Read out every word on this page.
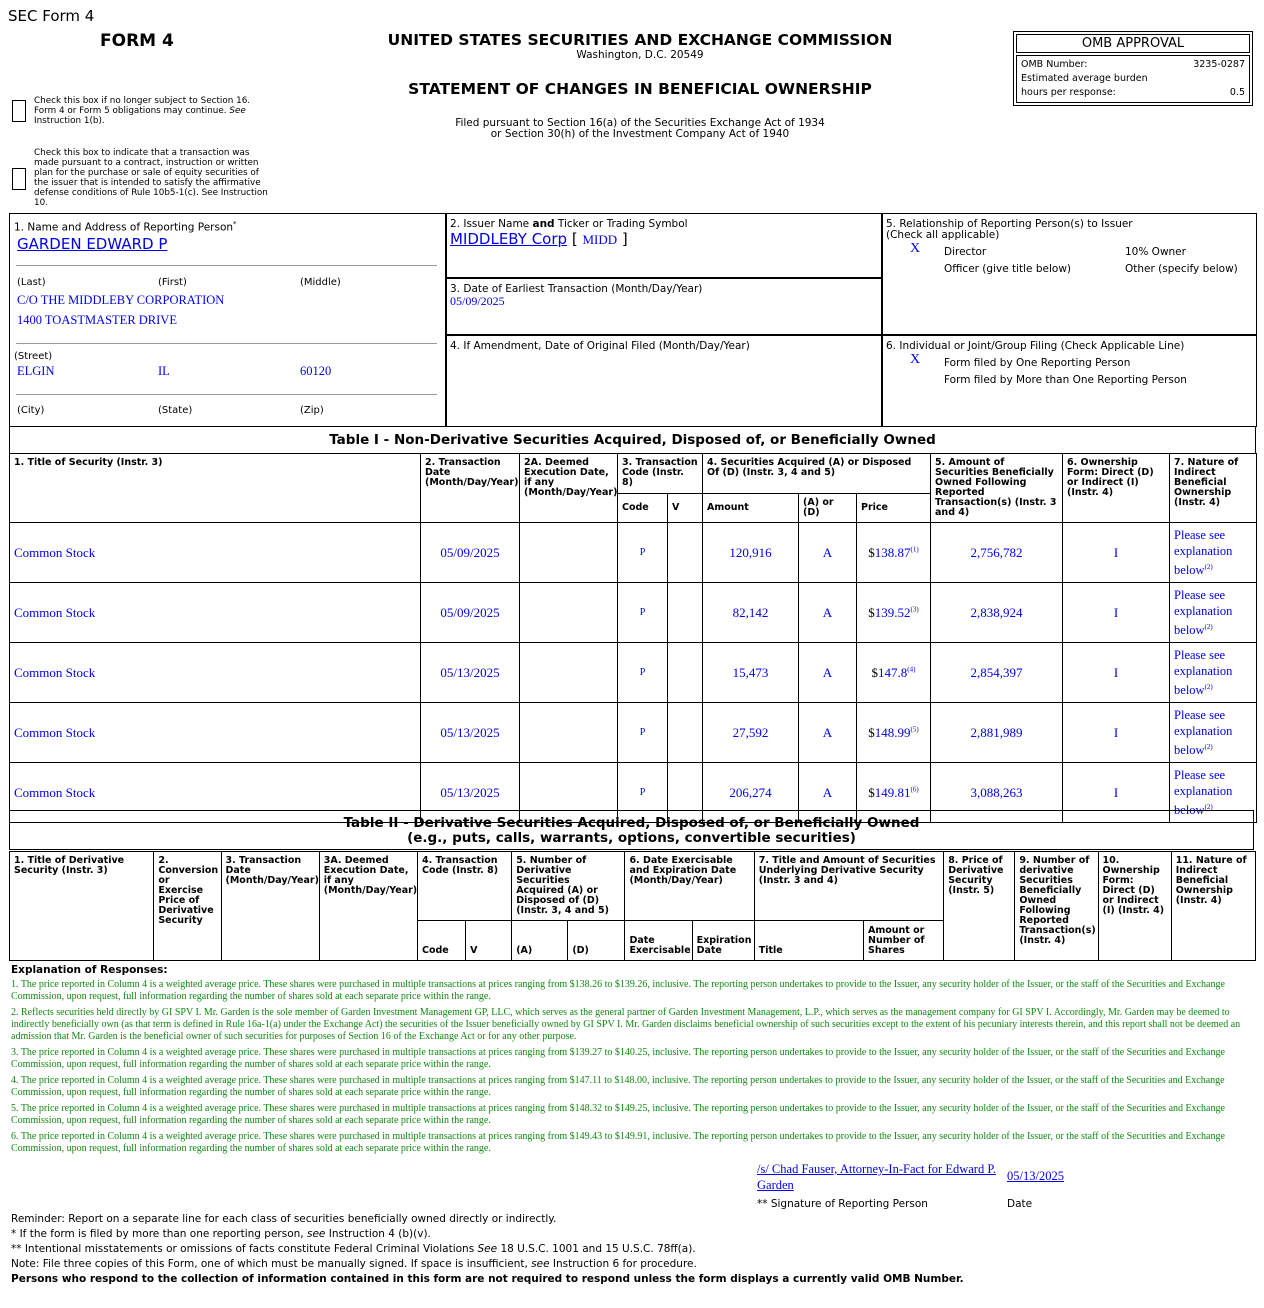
SEC Form 4
FORM 4	UNITED STATES SECURITIES AND EXCHANGE COMMISSION
Washington, D.C. 20549
STATEMENT OF CHANGES IN BENEFICIAL OWNERSHIP
Filed pursuant to Section 16(a) of the Securities Exchange Act of 1934
or Section 30(h) of the Investment Company Act of 1940
OMB APPROVAL
OMB Number:	3235-0287
Estimated average burden
hours per response:	0.5
Check this box if no longer subject to Section 16. Form 4 or Form 5 obligations may continue. See Instruction 1(b).
Check this box to indicate that a transaction was made pursuant to a contract, instruction or written plan for the purchase or sale of equity securities of the issuer that is intended to satisfy the affirmative defense conditions of Rule 10b5-1(c). See Instruction 10.
1. Name and Address of Reporting Person*
GARDEN EDWARD P
(Last)	(First)	(Middle)
C/O THE MIDDLEBY CORPORATION
1400 TOASTMASTER DRIVE
(Street)
ELGIN	IL	60120
(City)	(State)	(Zip)
2. Issuer Name and Ticker or Trading Symbol
MIDDLEBY Corp [ MIDD ]
3. Date of Earliest Transaction (Month/Day/Year)
05/09/2025
4. If Amendment, Date of Original Filed (Month/Day/Year)
5. Relationship of Reporting Person(s) to Issuer
(Check all applicable)
X Director	10% Owner
Officer (give title below)	Other (specify below)
6. Individual or Joint/Group Filing (Check Applicable Line)
X Form filed by One Reporting Person
Form filed by More than One Reporting Person
Table I - Non-Derivative Securities Acquired, Disposed of, or Beneficially Owned
1. Title of Security (Instr. 3)	2. Transaction Date (Month/Day/Year)	2A. Deemed Execution Date, if any (Month/Day/Year)	3. Transaction Code (Instr. 8)		4. Securities Acquired (A) or Disposed Of (D) (Instr. 3, 4 and 5)			5. Amount of Securities Beneficially Owned Following Reported Transaction(s) (Instr. 3 and 4)	6. Ownership Form: Direct (D) or Indirect (I) (Instr. 4)	7. Nature of Indirect Beneficial Ownership (Instr. 4)
			Code	V	Amount	(A) or (D)	Price			
Common Stock	05/09/2025		P		120,916	A	$138.87$^{(1)}$	2,756,782	I	Please see explanation below$^{(2)}$
Common Stock	05/09/2025		P		82,142	A	$139.52$^{(3)}$	2,838,924	I	Please see explanation below$^{(2)}$
Common Stock	05/13/2025		P		15,473	A	$147.8$^{(4)}$	2,854,397	I	Please see explanation below$^{(2)}$
Common Stock	05/13/2025		P		27,592	A	$148.99$^{(5)}$	2,881,989	I	Please see explanation below$^{(2)}$
Common Stock	05/13/2025		P		206,274	A	$149.81$^{(6)}$	3,088,263	I	Please see explanation below$^{(2)}$
Table II - Derivative Securities Acquired, Disposed of, or Beneficially Owned
(e.g., puts, calls, warrants, options, convertible securities)
1. Title of Derivative Security (Instr. 3)	2. Conversion or Exercise Price of Derivative Security	3. Transaction Date (Month/Day/Year)	3A. Deemed Execution Date, if any (Month/Day/Year)	4. Transaction Code (Instr. 8)		5. Number of Derivative Securities Acquired (A) or Disposed of (D) (Instr. 3, 4 and 5)		6. Date Exercisable and Expiration Date (Month/Day/Year)		7. Title and Amount of Securities Underlying Derivative Security (Instr. 3 and 4)		8. Price of Derivative Security (Instr. 5)	9. Number of derivative Securities Beneficially Owned Following Reported Transaction(s) (Instr. 4)	10. Ownership Form: Direct (D) or Indirect (I) (Instr. 4)	11. Nature of Indirect Beneficial Ownership (Instr. 4)
				Code	V	(A)	(D)	Date Exercisable	Expiration Date	Title	Amount or Number of Shares				
Explanation of Responses:
1. The price reported in Column 4 is a weighted average price. These shares were purchased in multiple transactions at prices ranging from $138.26 to $139.26, inclusive. The reporting person undertakes to provide to the Issuer, any security holder of the Issuer, or the staff of the Securities and Exchange Commission, upon request, full information regarding the number of shares sold at each separate price within the range.
2. Reflects securities held directly by GI SPV I. Mr. Garden is the sole member of Garden Investment Management GP, LLC, which serves as the general partner of Garden Investment Management, L.P., which serves as the management company for GI SPV I. Accordingly, Mr. Garden may be deemed to indirectly beneficially own (as that term is defined in Rule 16a-1(a) under the Exchange Act) the securities of the Issuer beneficially owned by GI SPV I. Mr. Garden disclaims beneficial ownership of such securities except to the extent of his pecuniary interests therein, and this report shall not be deemed an admission that Mr. Garden is the beneficial owner of such securities for purposes of Section 16 of the Exchange Act or for any other purpose.
3. The price reported in Column 4 is a weighted average price. These shares were purchased in multiple transactions at prices ranging from $139.27 to $140.25, inclusive. The reporting person undertakes to provide to the Issuer, any security holder of the Issuer, or the staff of the Securities and Exchange Commission, upon request, full information regarding the number of shares sold at each separate price within the range.
4. The price reported in Column 4 is a weighted average price. These shares were purchased in multiple transactions at prices ranging from $147.11 to $148.00, inclusive. The reporting person undertakes to provide to the Issuer, any security holder of the Issuer, or the staff of the Securities and Exchange Commission, upon request, full information regarding the number of shares sold at each separate price within the range.
5. The price reported in Column 4 is a weighted average price. These shares were purchased in multiple transactions at prices ranging from $148.32 to $149.25, inclusive. The reporting person undertakes to provide to the Issuer, any security holder of the Issuer, or the staff of the Securities and Exchange Commission, upon request, full information regarding the number of shares sold at each separate price within the range.
6. The price reported in Column 4 is a weighted average price. These shares were purchased in multiple transactions at prices ranging from $149.43 to $149.91, inclusive. The reporting person undertakes to provide to the Issuer, any security holder of the Issuer, or the staff of the Securities and Exchange Commission, upon request, full information regarding the number of shares sold at each separate price within the range.
/s/ Chad Fauser, Attorney-In-Fact for Edward P. Garden
05/13/2025
** Signature of Reporting Person	Date
Reminder: Report on a separate line for each class of securities beneficially owned directly or indirectly.
* If the form is filed by more than one reporting person, see Instruction 4 (b)(v).
** Intentional misstatements or omissions of facts constitute Federal Criminal Violations See 18 U.S.C. 1001 and 15 U.S.C. 78ff(a).
Note: File three copies of this Form, one of which must be manually signed. If space is insufficient, see Instruction 6 for procedure.
Persons who respond to the collection of information contained in this form are not required to respond unless the form displays a currently valid OMB Number.
